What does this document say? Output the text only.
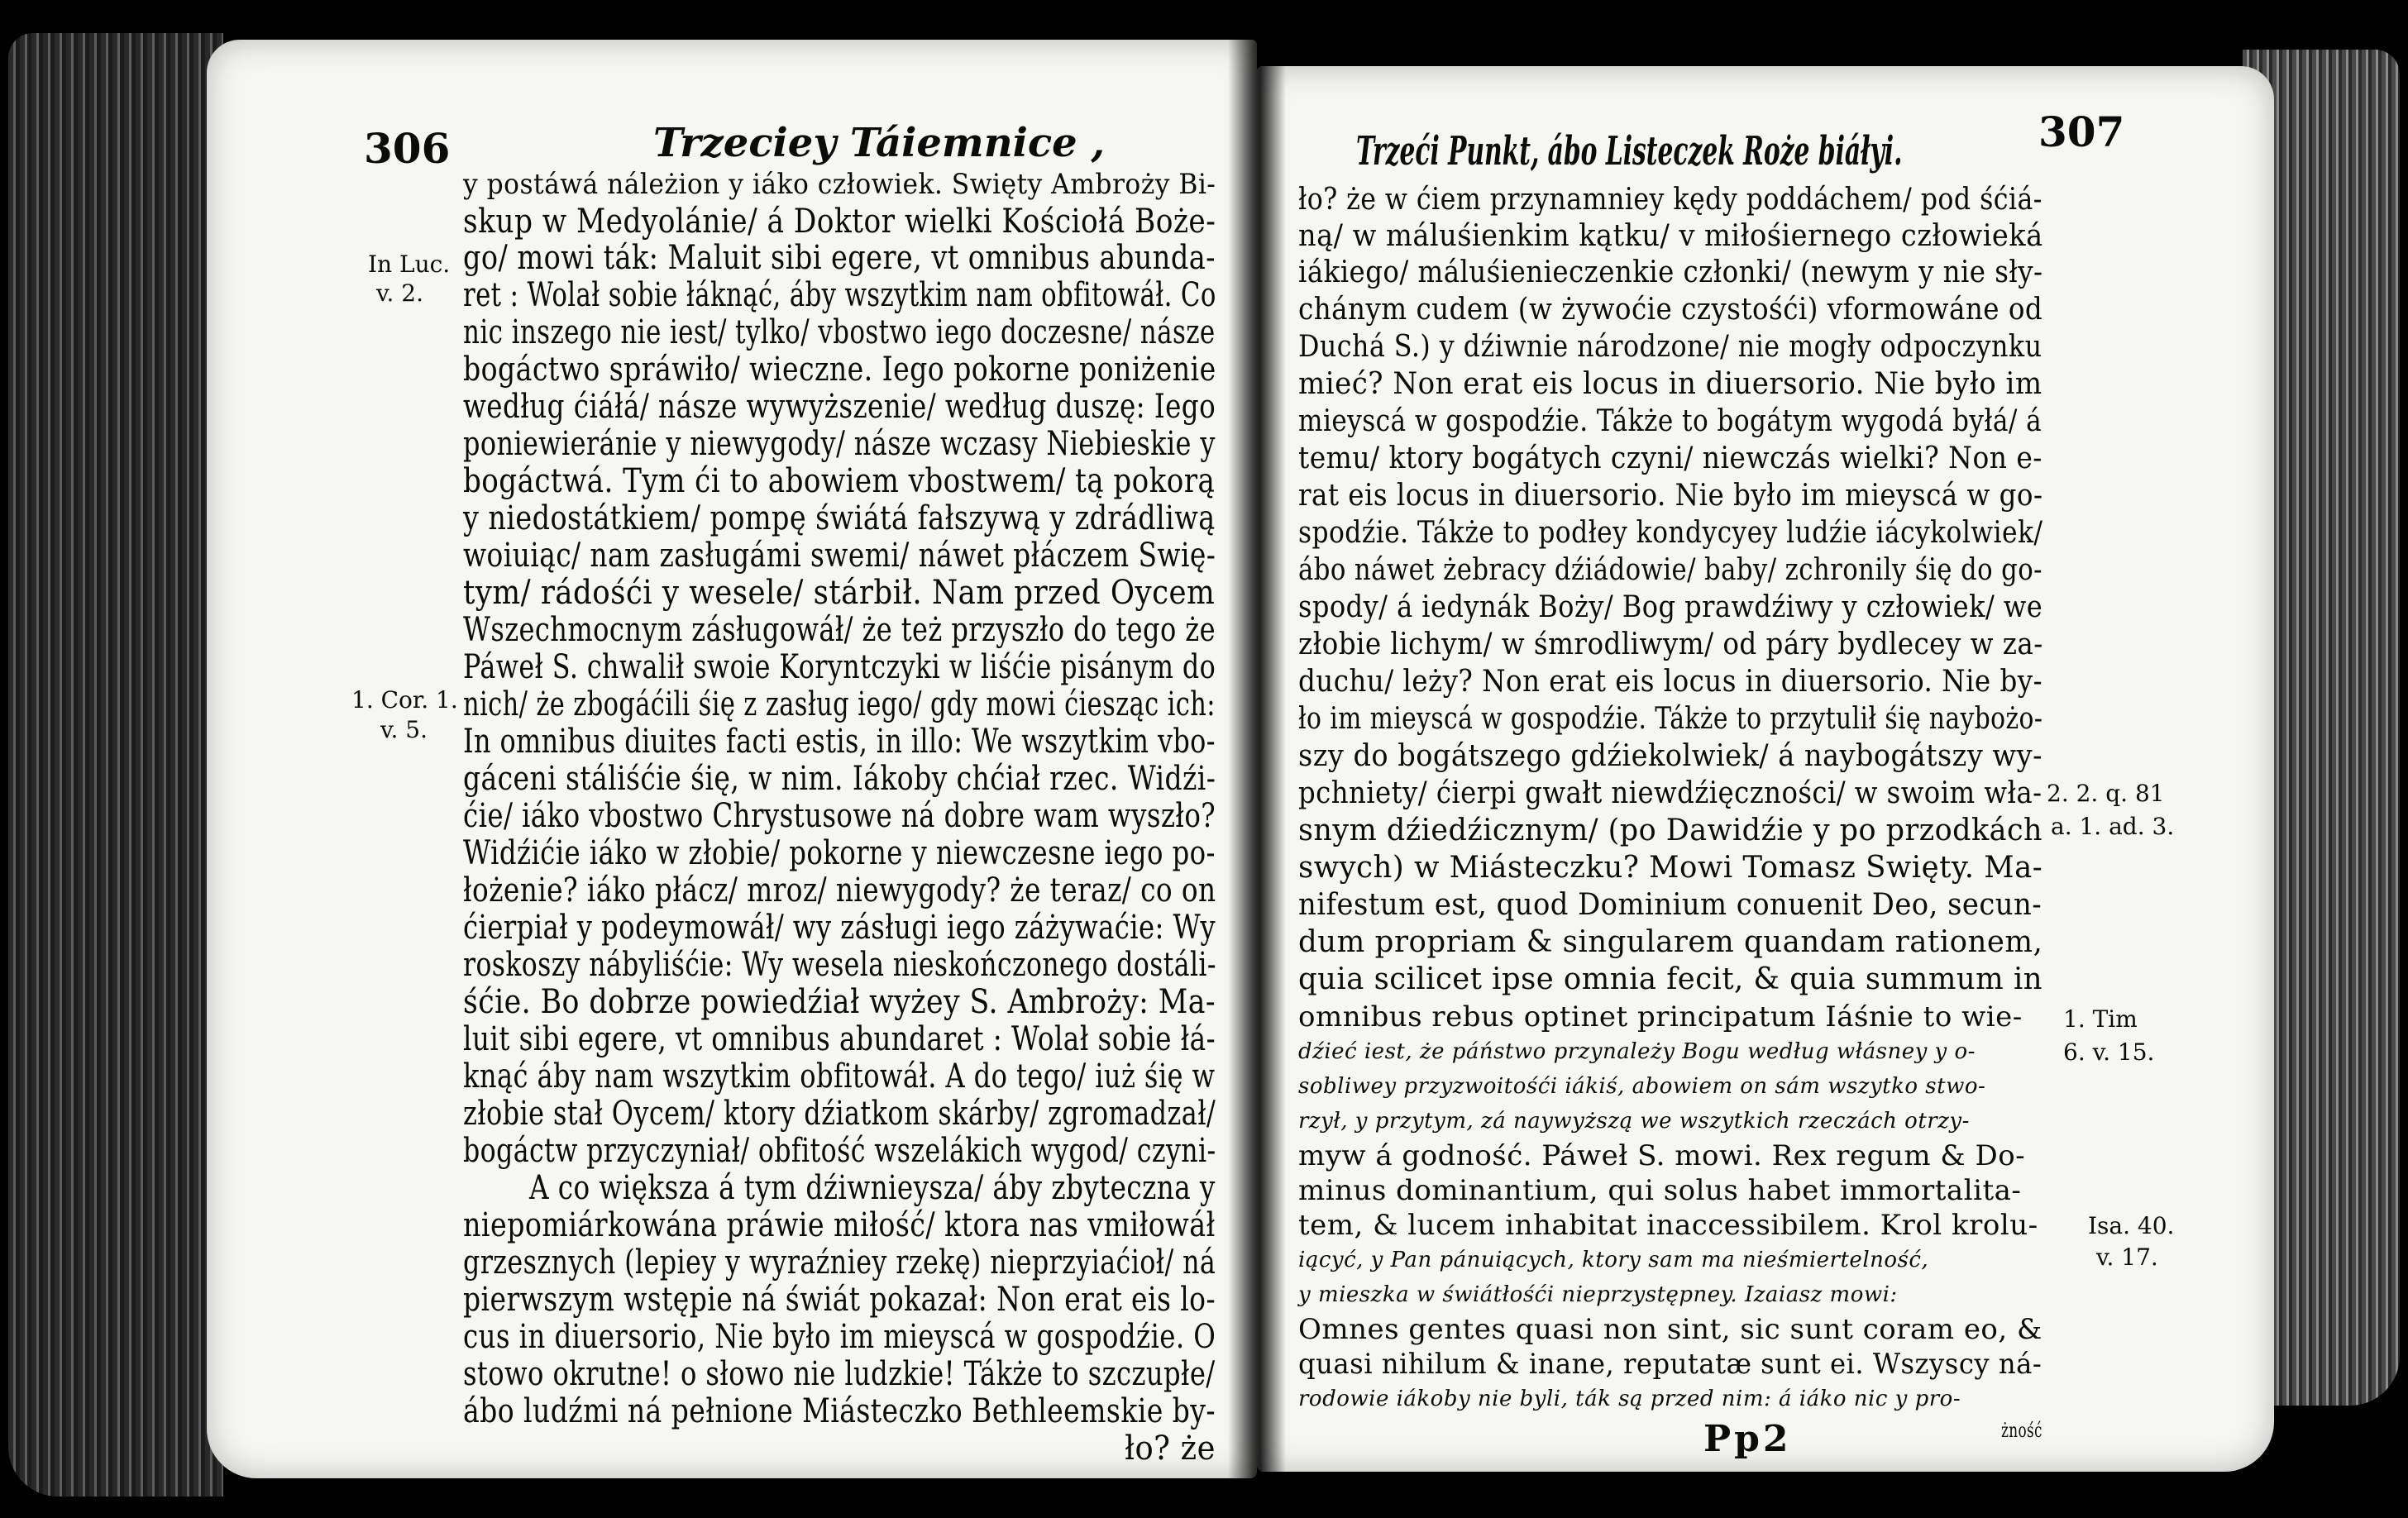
306	Trzeciey Táiemnice ,
In Luc.
v. 2.
1. Cor. 1.
v. 5.
y postáwá náleżion y iáko człowiek. Swięty Ambroży Bi-
skup w Medyolánie/ á Doktor wielki Kościołá Boże-
go/ mowi ták: Maluit sibi egere, vt omnibus abunda-
ret : Wolał sobie łáknąć, áby wszytkim nam obfitowáł. Co
nic inszego nie iest/ tylko/ vbostwo iego doczesne/ násze
bogáctwo spráwiło/ wieczne. Iego pokorne poniżenie
według ćiáłá/ násze wywyższenie/ według duszę: Iego
poniewieránie y niewygody/ násze wczasy Niebieskie y
bogáctwá. Tym ći to abowiem vbostwem/ tą pokorą
y niedostátkiem/ pompę świátá fałszywą y zdrádliwą
woiuiąc/ nam zasługámi swemi/ náwet płáczem Swię-
tym/ rádośći y wesele/ stárbił. Nam przed Oycem
Wszechmocnym zásługowáł/ że też przyszło do tego że
Páweł S. chwalił swoie Koryntczyki w liśćie pisánym do
nich/ że zbogáćili śię z zasług iego/ gdy mowi ćiesząc ich:
In omnibus diuites facti estis, in illo: We wszytkim vbo-
gáceni stáliśćie śię, w nim. Iákoby chćiał rzec. Widźi-
ćie/ iáko vbostwo Chrystusowe ná dobre wam wyszło?
Widźićie iáko w złobie/ pokorne y niewczesne iego po-
łożenie? iáko płácz/ mroz/ niewygody? że teraz/ co on
ćierpiał y podeymowáł/ wy zásługi iego záżywaćie: Wy
roskoszy nábyliśćie: Wy wesela nieskończonego dostáli-
śćie. Bo dobrze powiedźiał wyżey S. Ambroży: Ma-
luit sibi egere, vt omnibus abundaret : Wolał sobie łá-
knąć áby nam wszytkim obfitowáł. A do tego/ iuż śię w
złobie stał Oycem/ ktory dźiatkom skárby/ zgromadzał/
bogáctw przyczyniał/ obfitość wszelákich wygod/ czyni-
A co większa á tym dźiwnieysza/ áby zbyteczna y
niepomiárkowána práwie miłość/ ktora nas vmiłowáł
grzesznych (lepiey y wyraźniey rzekę) nieprzyiaćioł/ ná
pierwszym wstępie ná świát pokazał: Non erat eis lo-
cus in diuersorio, Nie było im mieyscá w gospodźie. O
stowo okrutne! o słowo nie ludzkie! Tákże to szczupłe/
ábo ludźmi ná pełnione Miásteczko Bethleemskie by-
ło? że
Trzeći Punkt, ábo Listeczek Roże biáłyi.	307
2. 2. q. 81
a. 1. ad. 3.
1. Tim
6. v. 15.
Isa. 40.
v. 17.
ło? że w ćiem przynamniey kędy poddáchem/ pod śćiá-
ną/ w máluśienkim kątku/ v miłośiernego człowieká
iákiego/ máluśienieczenkie członki/ (newym y nie sły-
chánym cudem (w żywoćie czystośći) vformowáne od
Duchá S.) y dźiwnie národzone/ nie mogły odpoczynku
mieć? Non erat eis locus in diuersorio. Nie było im
mieyscá w gospodźie. Tákże to bogátym wygodá byłá/ á
temu/ ktory bogátych czyni/ niewczás wielki? Non e-
rat eis locus in diuersorio. Nie było im mieyscá w go-
spodźie. Tákże to podłey kondycyey ludźie iácykolwiek/
ábo náwet żebracy dźiádowie/ baby/ zchronily śię do go-
spody/ á iedynák Boży/ Bog prawdźiwy y człowiek/ we
złobie lichym/ w śmrodliwym/ od páry bydlecey w za-
duchu/ leży? Non erat eis locus in diuersorio. Nie by-
ło im mieyscá w gospodźie. Tákże to przytulił śię naybożo-
szy do bogátszego gdźiekolwiek/ á naybogátszy wy-
pchniety/ ćierpi gwałt niewdźięczności/ w swoim wła-
snym dźiedźicznym/ (po Dawidźie y po przodkách
swych) w Miásteczku? Mowi Tomasz Swięty. Ma-
nifestum est, quod Dominium conuenit Deo, secun-
dum propriam & singularem quandam rationem,
quia scilicet ipse omnia fecit, & quia summum in
omnibus rebus optinet principatum Iáśnie to wie-
dźieć iest, że páństwo przynależy Bogu według włásney y o-
sobliwey przyzwoitośći iákiś, abowiem on sám wszytko stwo-
rzył, y przytym, zá naywyższą we wszytkich rzeczách otrzy-
myw á godność. Páweł S. mowi. Rex regum & Do-
minus dominantium, qui solus habet immortalita-
tem, & lucem inhabitat inaccessibilem. Krol krolu-
iącyć, y Pan pánuiących, ktory sam ma nieśmiertelność,
y mieszka w świátłośći nieprzystępney. Izaiasz mowi:
Omnes gentes quasi non sint, sic sunt coram eo, &
quasi nihilum & inane, reputatæ sunt ei. Wszyscy ná-
rodowie iákoby nie byli, ták są przed nim: á iáko nic y pro-
żność
Pp2
